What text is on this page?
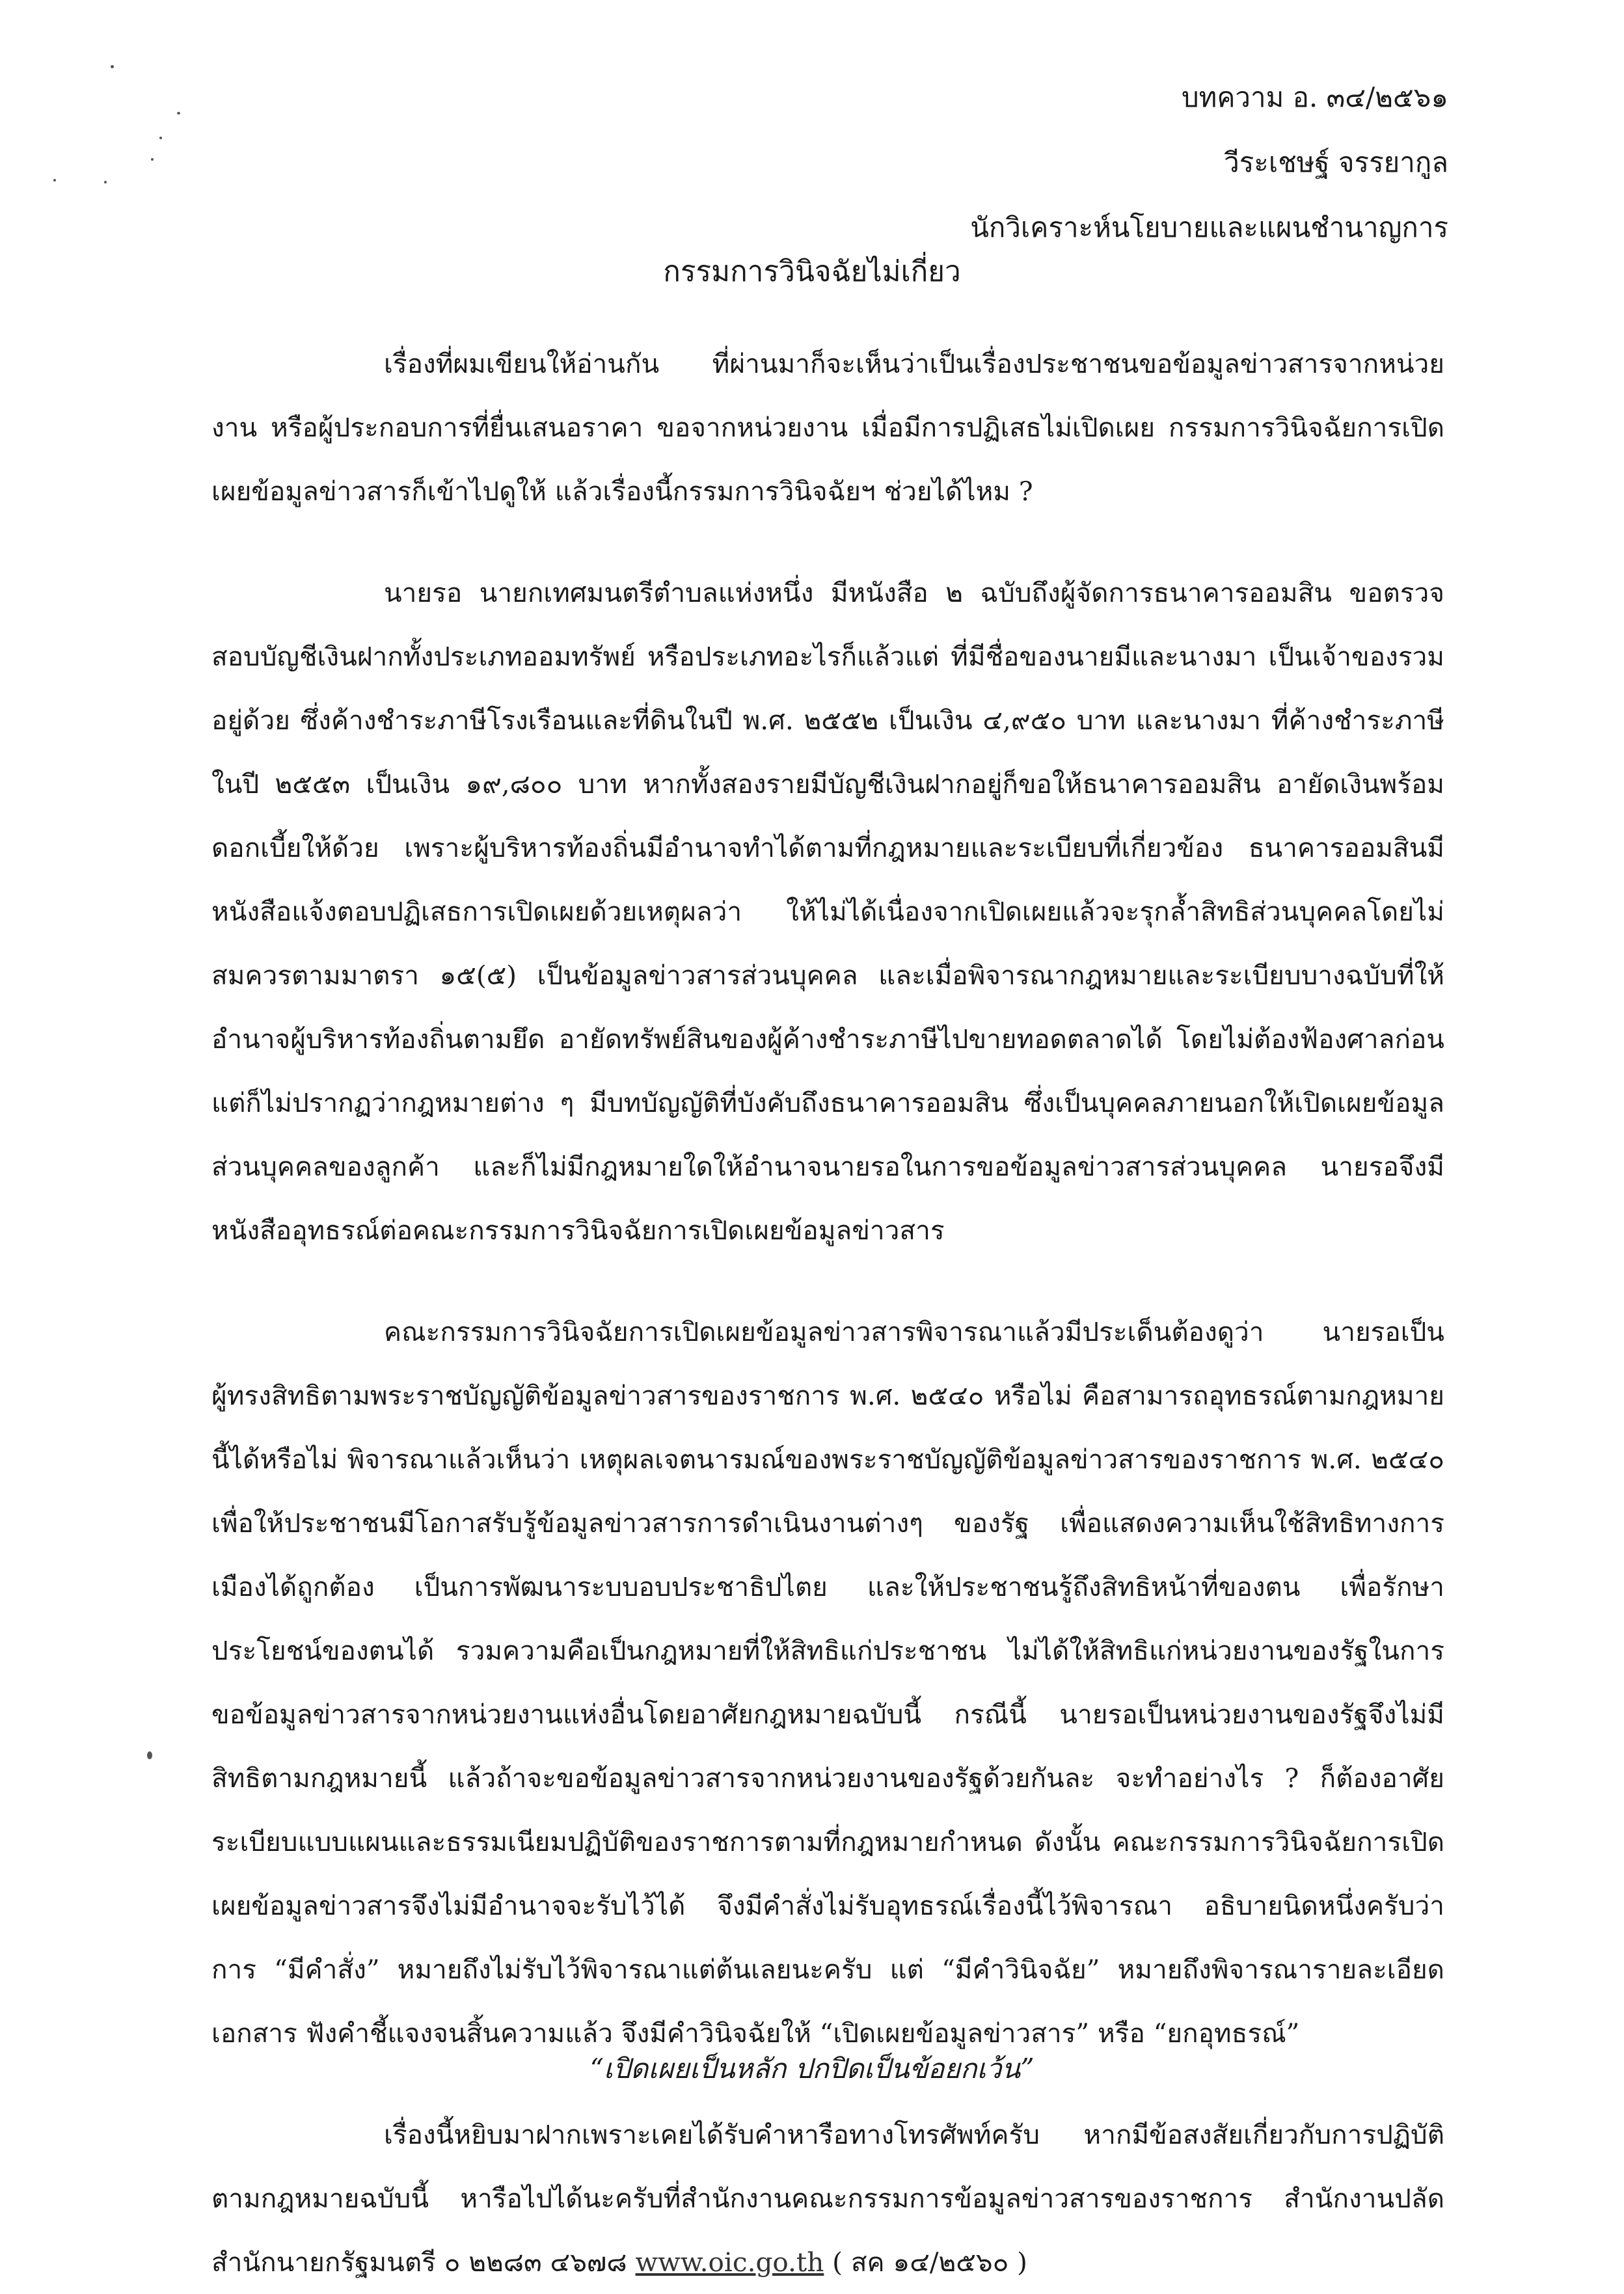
บทความ อ. ๓๔/๒๕๖๑
วีระเชษฐ์ จรรยากูล
นักวิเคราะห์นโยบายและแผนชำนาญการ
กรรมการวินิจฉัยไม่เกี่ยว

เรื่องที่ผมเขียนให้อ่านกัน ที่ผ่านมาก็จะเห็นว่าเป็นเรื่องประชาชนขอข้อมูลข่าวสารจากหน่วยงาน หรือผู้ประกอบการที่ยื่นเสนอราคา ขอจากหน่วยงาน เมื่อมีการปฏิเสธไม่เปิดเผย กรรมการวินิจฉัยการเปิดเผยข้อมูลข่าวสารก็เข้าไปดูให้ แล้วเรื่องนี้กรรมการวินิจฉัยฯ ช่วยได้ไหม ?

นายรอ นายกเทศมนตรีตำบลแห่งหนึ่ง มีหนังสือ ๒ ฉบับถึงผู้จัดการธนาคารออมสิน ขอตรวจสอบบัญชีเงินฝากทั้งประเภทออมทรัพย์ หรือประเภทอะไรก็แล้วแต่ ที่มีชื่อของนายมีและนางมา เป็นเจ้าของรวมอยู่ด้วย ซึ่งค้างชำระภาษีโรงเรือนและที่ดินในปี พ.ศ. ๒๕๕๒ เป็นเงิน ๔,๙๕๐ บาท และนางมา ที่ค้างชำระภาษีในปี ๒๕๕๓ เป็นเงิน ๑๙,๘๐๐ บาท หากทั้งสองรายมีบัญชีเงินฝากอยู่ก็ขอให้ธนาคารออมสิน อายัดเงินพร้อมดอกเบี้ยให้ด้วย เพราะผู้บริหารท้องถิ่นมีอำนาจทำได้ตามที่กฎหมายและระเบียบที่เกี่ยวข้อง ธนาคารออมสินมีหนังสือแจ้งตอบปฏิเสธการเปิดเผยด้วยเหตุผลว่า ให้ไม่ได้เนื่องจากเปิดเผยแล้วจะรุกล้ำสิทธิส่วนบุคคลโดยไม่สมควรตามมาตรา ๑๕(๕) เป็นข้อมูลข่าวสารส่วนบุคคล และเมื่อพิจารณากฎหมายและระเบียบบางฉบับที่ให้อำนาจผู้บริหารท้องถิ่นตามยึด อายัดทรัพย์สินของผู้ค้างชำระภาษีไปขายทอดตลาดได้ โดยไม่ต้องฟ้องศาลก่อนแต่ก็ไม่ปรากฏว่ากฎหมายต่าง ๆ มีบทบัญญัติที่บังคับถึงธนาคารออมสิน ซึ่งเป็นบุคคลภายนอกให้เปิดเผยข้อมูลส่วนบุคคลของลูกค้า และก็ไม่มีกฎหมายใดให้อำนาจนายรอในการขอข้อมูลข่าวสารส่วนบุคคล นายรอจึงมีหนังสืออุทธรณ์ต่อคณะกรรมการวินิจฉัยการเปิดเผยข้อมูลข่าวสาร

คณะกรรมการวินิจฉัยการเปิดเผยข้อมูลข่าวสารพิจารณาแล้วมีประเด็นต้องดูว่า นายรอเป็นผู้ทรงสิทธิตามพระราชบัญญัติข้อมูลข่าวสารของราชการ พ.ศ. ๒๕๔๐ หรือไม่ คือสามารถอุทธรณ์ตามกฎหมายนี้ได้หรือไม่ พิจารณาแล้วเห็นว่า เหตุผลเจตนารมณ์ของพระราชบัญญัติข้อมูลข่าวสารของราชการ พ.ศ. ๒๕๔๐ เพื่อให้ประชาชนมีโอกาสรับรู้ข้อมูลข่าวสารการดำเนินงานต่างๆ ของรัฐ เพื่อแสดงความเห็นใช้สิทธิทางการเมืองได้ถูกต้อง เป็นการพัฒนาระบบอบประชาธิปไตย และให้ประชาชนรู้ถึงสิทธิหน้าที่ของตน เพื่อรักษาประโยชน์ของตนได้ รวมความคือเป็นกฎหมายที่ให้สิทธิแก่ประชาชน ไม่ได้ให้สิทธิแก่หน่วยงานของรัฐในการขอข้อมูลข่าวสารจากหน่วยงานแห่งอื่นโดยอาศัยกฎหมายฉบับนี้ กรณีนี้ นายรอเป็นหน่วยงานของรัฐจึงไม่มีสิทธิตามกฎหมายนี้ แล้วถ้าจะขอข้อมูลข่าวสารจากหน่วยงานของรัฐด้วยกันละ จะทำอย่างไร ? ก็ต้องอาศัยระเบียบแบบแผนและธรรมเนียมปฏิบัติของราชการตามที่กฎหมายกำหนด ดังนั้น คณะกรรมการวินิจฉัยการเปิดเผยข้อมูลข่าวสารจึงไม่มีอำนาจจะรับไว้ได้ จึงมีคำสั่งไม่รับอุทธรณ์เรื่องนี้ไว้พิจารณา อธิบายนิดหนึ่งครับว่า การ “มีคำสั่ง” หมายถึงไม่รับไว้พิจารณาแต่ต้นเลยนะครับ แต่ “มีคำวินิจฉัย” หมายถึงพิจารณารายละเอียดเอกสาร ฟังคำชี้แจงจนสิ้นความแล้ว จึงมีคำวินิจฉัยให้ “เปิดเผยข้อมูลข่าวสาร” หรือ “ยกอุทธรณ์”

เรื่องนี้หยิบมาฝากเพราะเคยได้รับคำหารือทางโทรศัพท์ครับ หากมีข้อสงสัยเกี่ยวกับการปฏิบัติตามกฎหมายฉบับนี้ หารือไปได้นะครับที่สำนักงานคณะกรรมการข้อมูลข่าวสารของราชการ สำนักงานปลัดสำนักนายกรัฐมนตรี ๐ ๒๒๘๓ ๔๖๗๘ www.oic.go.th ( สค ๑๔/๒๕๖๐ )

“เปิดเผยเป็นหลัก ปกปิดเป็นข้อยกเว้น”
